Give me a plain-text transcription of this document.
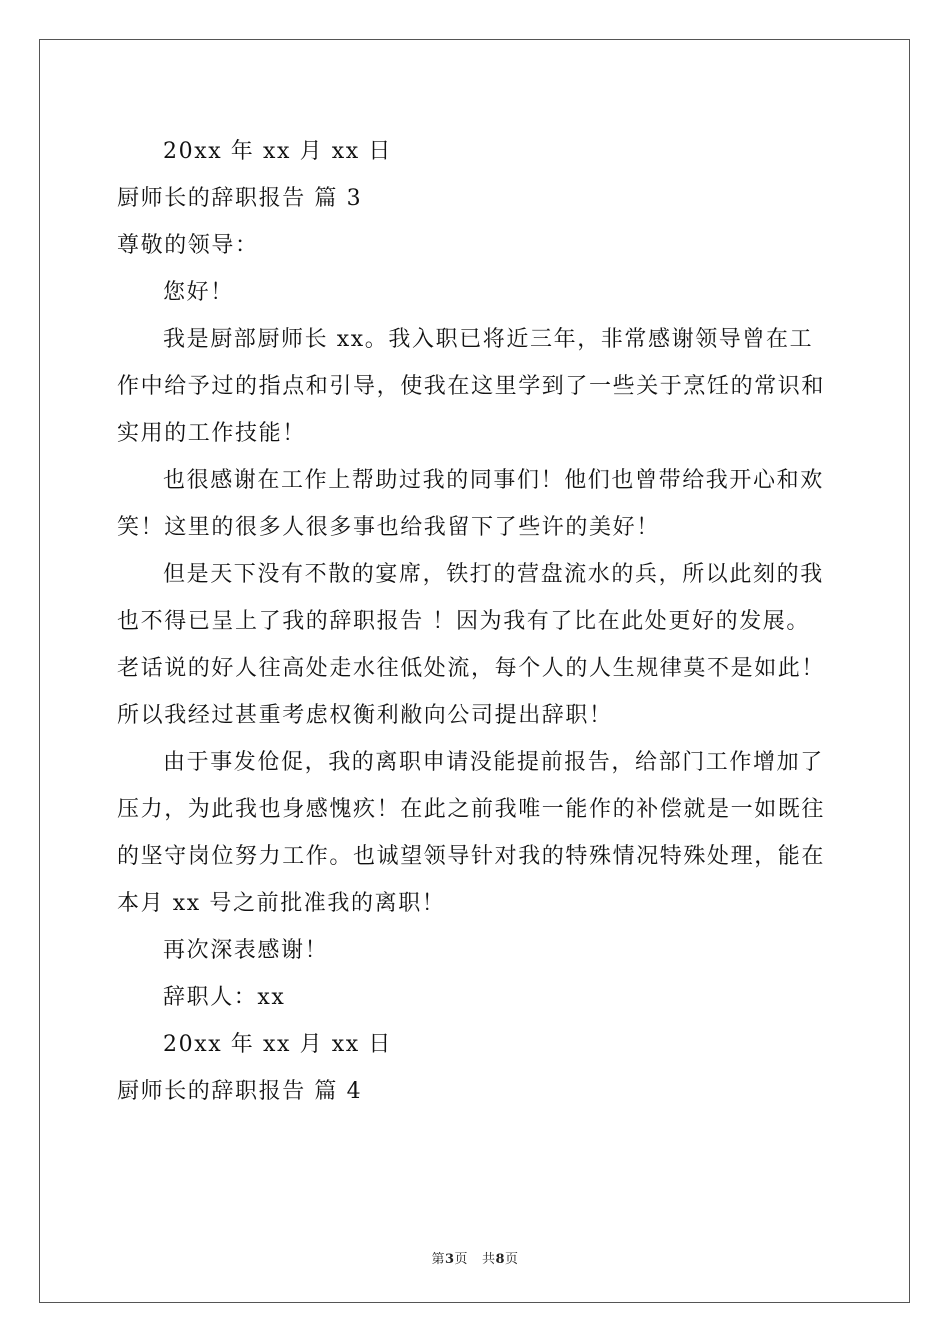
20xx 年 xx 月 xx 日
厨师长的辞职报告 篇 3
尊敬的领导：
您好！
我是厨部厨师长 xx。我入职已将近三年，非常感谢领导曾在工
作中给予过的指点和引导，使我在这里学到了一些关于烹饪的常识和
实用的工作技能！
也很感谢在工作上帮助过我的同事们！他们也曾带给我开心和欢
笑！这里的很多人很多事也给我留下了些许的美好！
但是天下没有不散的宴席，铁打的营盘流水的兵，所以此刻的我
也不得已呈上了我的辞职报告 ！因为我有了比在此处更好的发展。
老话说的好人往高处走水往低处流，每个人的人生规律莫不是如此！
所以我经过甚重考虑权衡利敝向公司提出辞职！
由于事发伧促，我的离职申请没能提前报告，给部门工作增加了
压力，为此我也身感愧疚！在此之前我唯一能作的补偿就是一如既往
的坚守岗位努力工作。也诚望领导针对我的特殊情况特殊处理，能在
本月 xx 号之前批准我的离职！
再次深表感谢！
辞职人：xx
20xx 年 xx 月 xx 日
厨师长的辞职报告 篇 4
第3页 共8页
